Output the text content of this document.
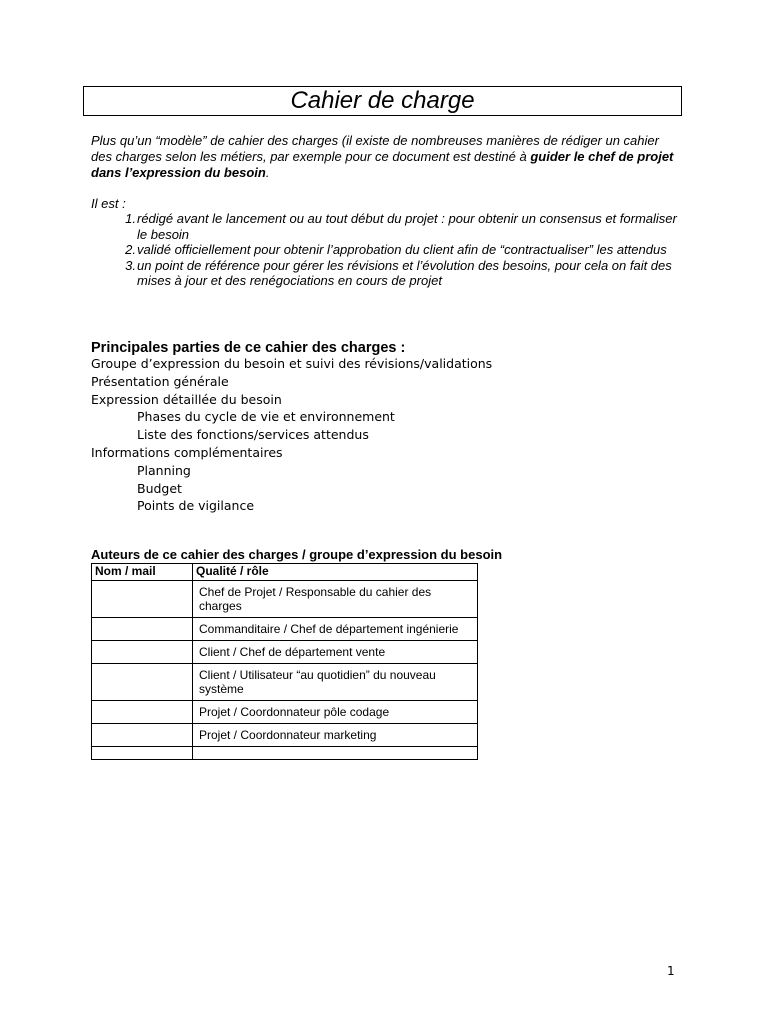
Cahier de charge
Plus qu’un “modèle” de cahier des charges (il existe de nombreuses manières de rédiger un cahier des charges selon les métiers, par exemple pour ce document est destiné à guider le chef de projet dans l’expression du besoin.
Il est :
1. rédigé avant le lancement ou au tout début du projet : pour obtenir un consensus et formaliser le besoin
2. validé officiellement pour obtenir l’approbation du client afin de “contractualiser” les attendus
3. un point de référence pour gérer les révisions et l’évolution des besoins, pour cela on fait des mises à jour et des renégociations en cours de projet
Principales parties de ce cahier des charges :
Groupe d’expression du besoin et suivi des révisions/validations
Présentation générale
Expression détaillée du besoin
Phases du cycle de vie et environnement
Liste des fonctions/services attendus
Informations complémentaires
Planning
Budget
Points de vigilance
Auteurs de ce cahier des charges / groupe d’expression du besoin
Nom / mail	Qualité / rôle
	Chef de Projet / Responsable du cahier des charges
	Commanditaire / Chef de département ingénierie
	Client / Chef de département vente
	Client / Utilisateur “au quotidien” du nouveau système
	Projet / Coordonnateur pôle codage
	Projet / Coordonnateur marketing

1
